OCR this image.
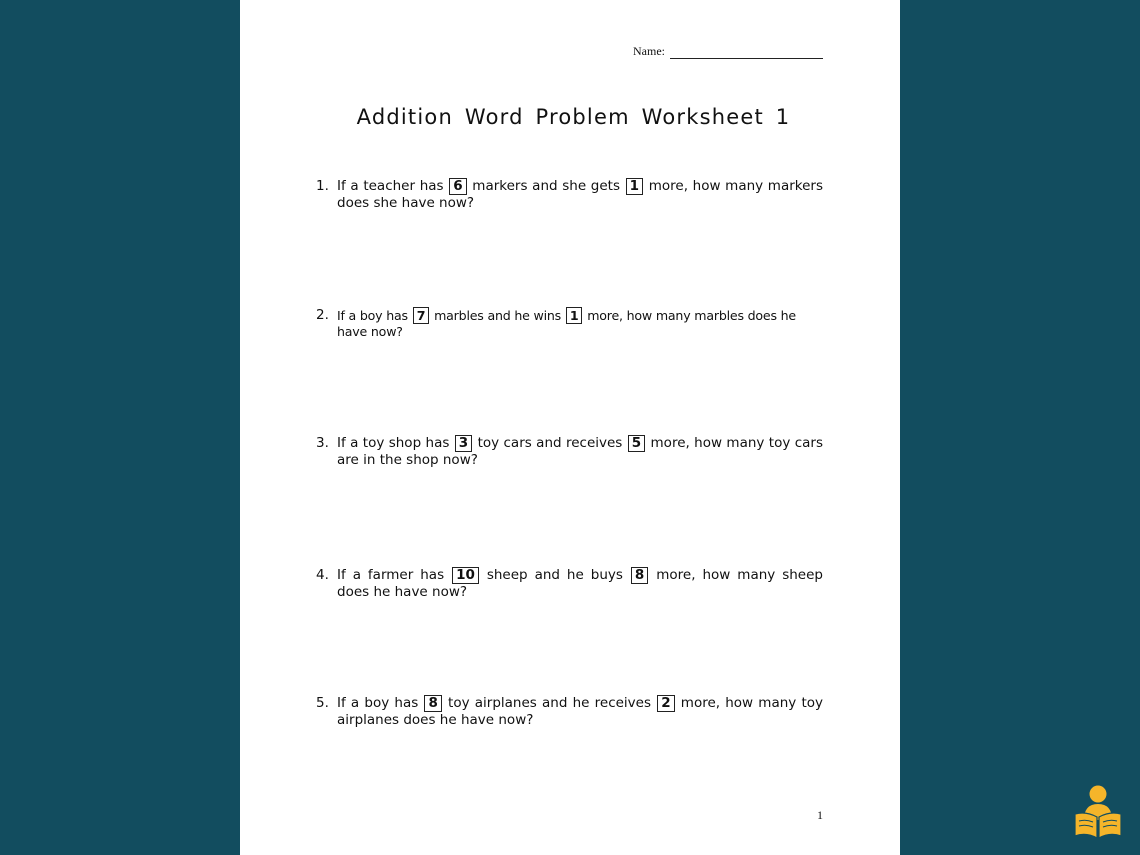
Name:
Addition Word Problem Worksheet 1
1. If a teacher has 6 markers and she gets 1 more, how many markers does she have now?
2. If a boy has 7 marbles and he wins 1 more, how many marbles does he have now?
3. If a toy shop has 3 toy cars and receives 5 more, how many toy cars are in the shop now?
4. If a farmer has 10 sheep and he buys 8 more, how many sheep does he have now?
5. If a boy has 8 toy airplanes and he receives 2 more, how many toy airplanes does he have now?
1
